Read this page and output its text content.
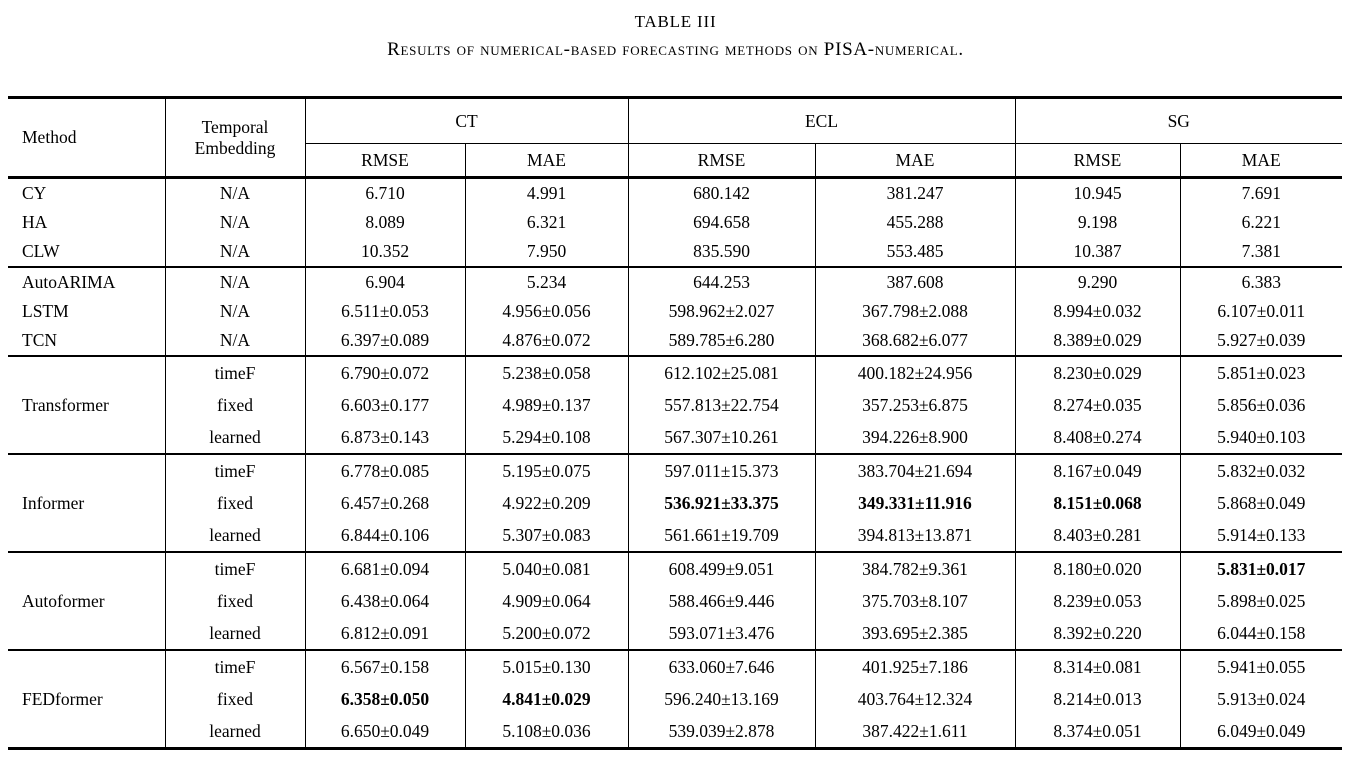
TABLE III
Results of numerical-based forecasting methods on PISA-numerical.
Method	Temporal Embedding	CT		ECL		SG	
		RMSE	MAE	RMSE	MAE	RMSE	MAE
CY	N/A	6.710	4.991	680.142	381.247	10.945	7.691
HA	N/A	8.089	6.321	694.658	455.288	9.198	6.221
CLW	N/A	10.352	7.950	835.590	553.485	10.387	7.381
AutoARIMA	N/A	6.904	5.234	644.253	387.608	9.290	6.383
LSTM	N/A	6.511±0.053	4.956±0.056	598.962±2.027	367.798±2.088	8.994±0.032	6.107±0.011
TCN	N/A	6.397±0.089	4.876±0.072	589.785±6.280	368.682±6.077	8.389±0.029	5.927±0.039
Transformer	timeF	6.790±0.072	5.238±0.058	612.102±25.081	400.182±24.956	8.230±0.029	5.851±0.023
	fixed	6.603±0.177	4.989±0.137	557.813±22.754	357.253±6.875	8.274±0.035	5.856±0.036
	learned	6.873±0.143	5.294±0.108	567.307±10.261	394.226±8.900	8.408±0.274	5.940±0.103
Informer	timeF	6.778±0.085	5.195±0.075	597.011±15.373	383.704±21.694	8.167±0.049	5.832±0.032
	fixed	6.457±0.268	4.922±0.209	536.921±33.375	349.331±11.916	8.151±0.068	5.868±0.049
	learned	6.844±0.106	5.307±0.083	561.661±19.709	394.813±13.871	8.403±0.281	5.914±0.133
Autoformer	timeF	6.681±0.094	5.040±0.081	608.499±9.051	384.782±9.361	8.180±0.020	5.831±0.017
	fixed	6.438±0.064	4.909±0.064	588.466±9.446	375.703±8.107	8.239±0.053	5.898±0.025
	learned	6.812±0.091	5.200±0.072	593.071±3.476	393.695±2.385	8.392±0.220	6.044±0.158
FEDformer	timeF	6.567±0.158	5.015±0.130	633.060±7.646	401.925±7.186	8.314±0.081	5.941±0.055
	fixed	6.358±0.050	4.841±0.029	596.240±13.169	403.764±12.324	8.214±0.013	5.913±0.024
	learned	6.650±0.049	5.108±0.036	539.039±2.878	387.422±1.611	8.374±0.051	6.049±0.049
